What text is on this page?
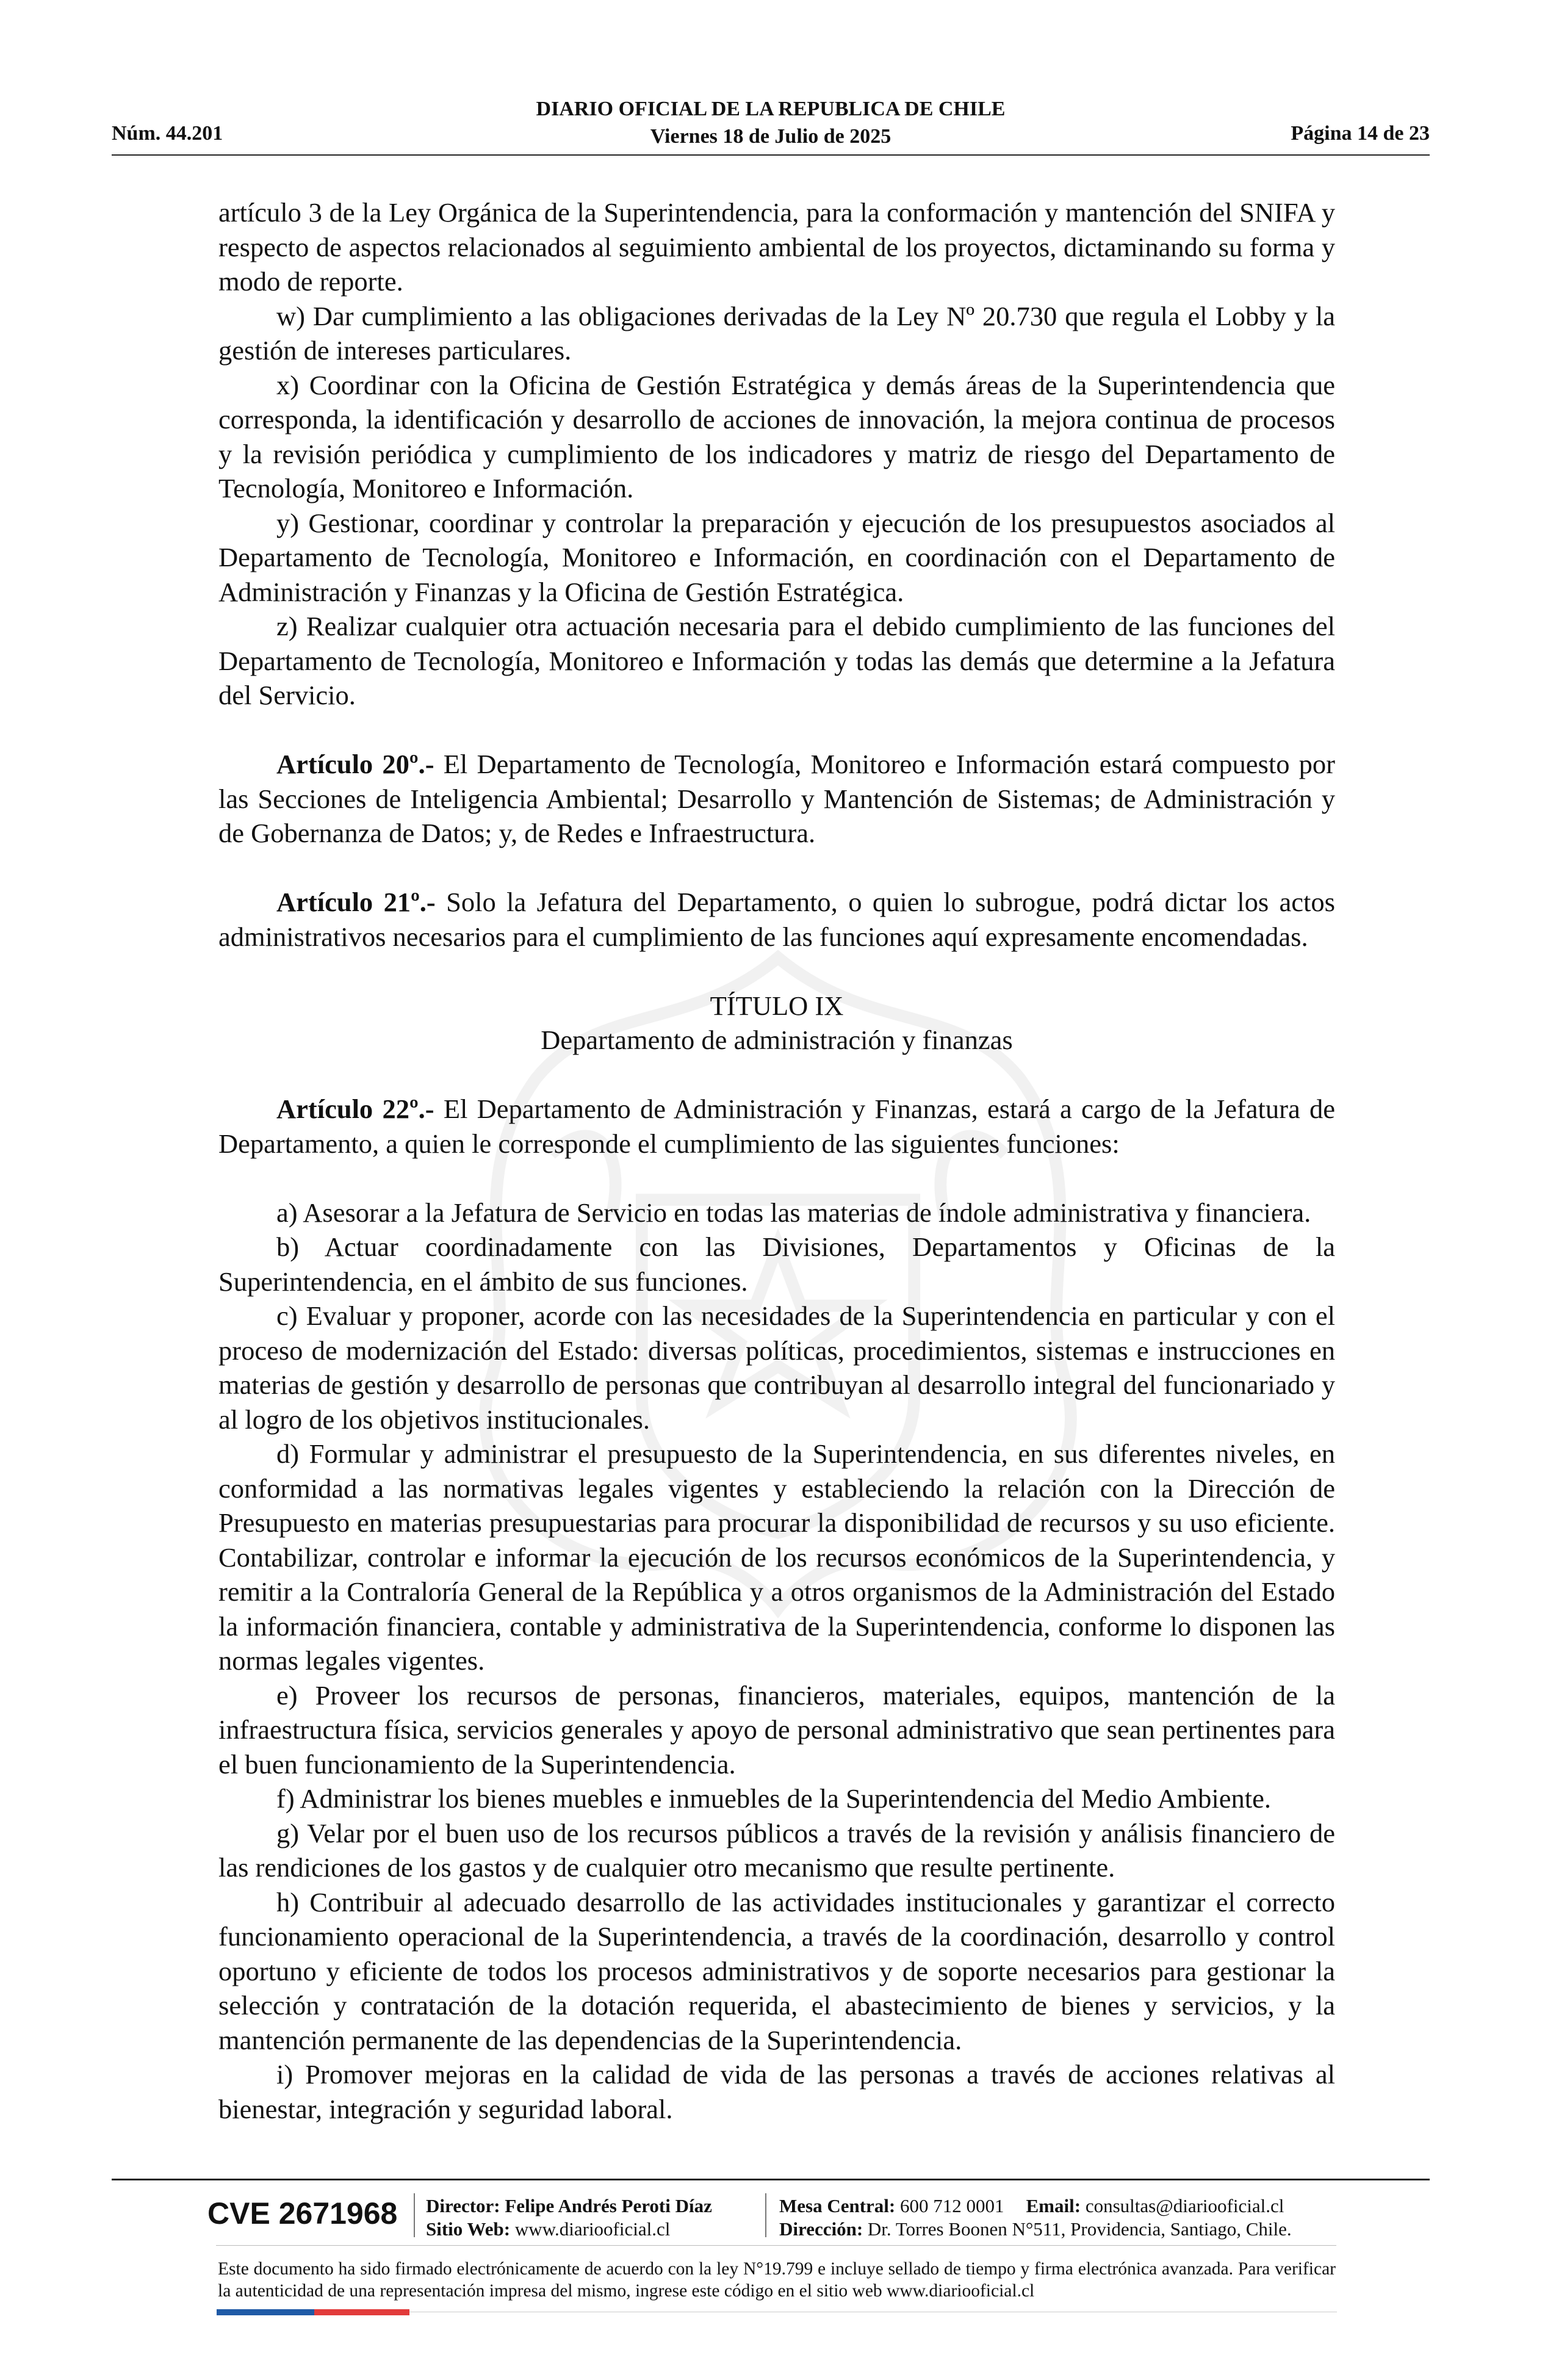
Núm. 44.201
DIARIO OFICIAL DE LA REPUBLICA DE CHILE
Viernes 18 de Julio de 2025	Página 14 de 23

artículo 3 de la Ley Orgánica de la Superintendencia, para la conformación y mantención del SNIFA y respecto de aspectos relacionados al seguimiento ambiental de los proyectos, dictaminando su forma y modo de reporte.

w) Dar cumplimiento a las obligaciones derivadas de la Ley Nº 20.730 que regula el Lobby y la gestión de intereses particulares.

x) Coordinar con la Oficina de Gestión Estratégica y demás áreas de la Superintendencia que corresponda, la identificación y desarrollo de acciones de innovación, la mejora continua de procesos y la revisión periódica y cumplimiento de los indicadores y matriz de riesgo del Departamento de Tecnología, Monitoreo e Información.

y) Gestionar, coordinar y controlar la preparación y ejecución de los presupuestos asociados al Departamento de Tecnología, Monitoreo e Información, en coordinación con el Departamento de Administración y Finanzas y la Oficina de Gestión Estratégica.

z) Realizar cualquier otra actuación necesaria para el debido cumplimiento de las funciones del Departamento de Tecnología, Monitoreo e Información y todas las demás que determine a la Jefatura del Servicio.

Artículo 20º.- El Departamento de Tecnología, Monitoreo e Información estará compuesto por las Secciones de Inteligencia Ambiental; Desarrollo y Mantención de Sistemas; de Administración y de Gobernanza de Datos; y, de Redes e Infraestructura.

Artículo 21º.- Solo la Jefatura del Departamento, o quien lo subrogue, podrá dictar los actos administrativos necesarios para el cumplimiento de las funciones aquí expresamente encomendadas.

TÍTULO IX
Departamento de administración y finanzas

Artículo 22º.- El Departamento de Administración y Finanzas, estará a cargo de la Jefatura de Departamento, a quien le corresponde el cumplimiento de las siguientes funciones:

a) Asesorar a la Jefatura de Servicio en todas las materias de índole administrativa y financiera.

b) Actuar coordinadamente con las Divisiones, Departamentos y Oficinas de la Superintendencia, en el ámbito de sus funciones.

c) Evaluar y proponer, acorde con las necesidades de la Superintendencia en particular y con el proceso de modernización del Estado: diversas políticas, procedimientos, sistemas e instrucciones en materias de gestión y desarrollo de personas que contribuyan al desarrollo integral del funcionariado y al logro de los objetivos institucionales.

d) Formular y administrar el presupuesto de la Superintendencia, en sus diferentes niveles, en conformidad a las normativas legales vigentes y estableciendo la relación con la Dirección de Presupuesto en materias presupuestarias para procurar la disponibilidad de recursos y su uso eficiente. Contabilizar, controlar e informar la ejecución de los recursos económicos de la Superintendencia, y remitir a la Contraloría General de la República y a otros organismos de la Administración del Estado la información financiera, contable y administrativa de la Superintendencia, conforme lo disponen las normas legales vigentes.

e) Proveer los recursos de personas, financieros, materiales, equipos, mantención de la infraestructura física, servicios generales y apoyo de personal administrativo que sean pertinentes para el buen funcionamiento de la Superintendencia.

f) Administrar los bienes muebles e inmuebles de la Superintendencia del Medio Ambiente.

g) Velar por el buen uso de los recursos públicos a través de la revisión y análisis financiero de las rendiciones de los gastos y de cualquier otro mecanismo que resulte pertinente.

h) Contribuir al adecuado desarrollo de las actividades institucionales y garantizar el correcto funcionamiento operacional de la Superintendencia, a través de la coordinación, desarrollo y control oportuno y eficiente de todos los procesos administrativos y de soporte necesarios para gestionar la selección y contratación de la dotación requerida, el abastecimiento de bienes y servicios, y la mantención permanente de las dependencias de la Superintendencia.

i) Promover mejoras en la calidad de vida de las personas a través de acciones relativas al bienestar, integración y seguridad laboral.

CVE 2671968 Director: Felipe Andrés Peroti Díaz
Sitio Web: www.diariooficial.cl
Mesa Central: 600 712 0001 Email: consultas@diariooficial.cl
Dirección: Dr. Torres Boonen N°511, Providencia, Santiago, Chile.
Este documento ha sido firmado electrónicamente de acuerdo con la ley N°19.799 e incluye sellado de tiempo y firma electrónica avanzada. Para verificar la autenticidad de una representación impresa del mismo, ingrese este código en el sitio web www.diariooficial.cl
